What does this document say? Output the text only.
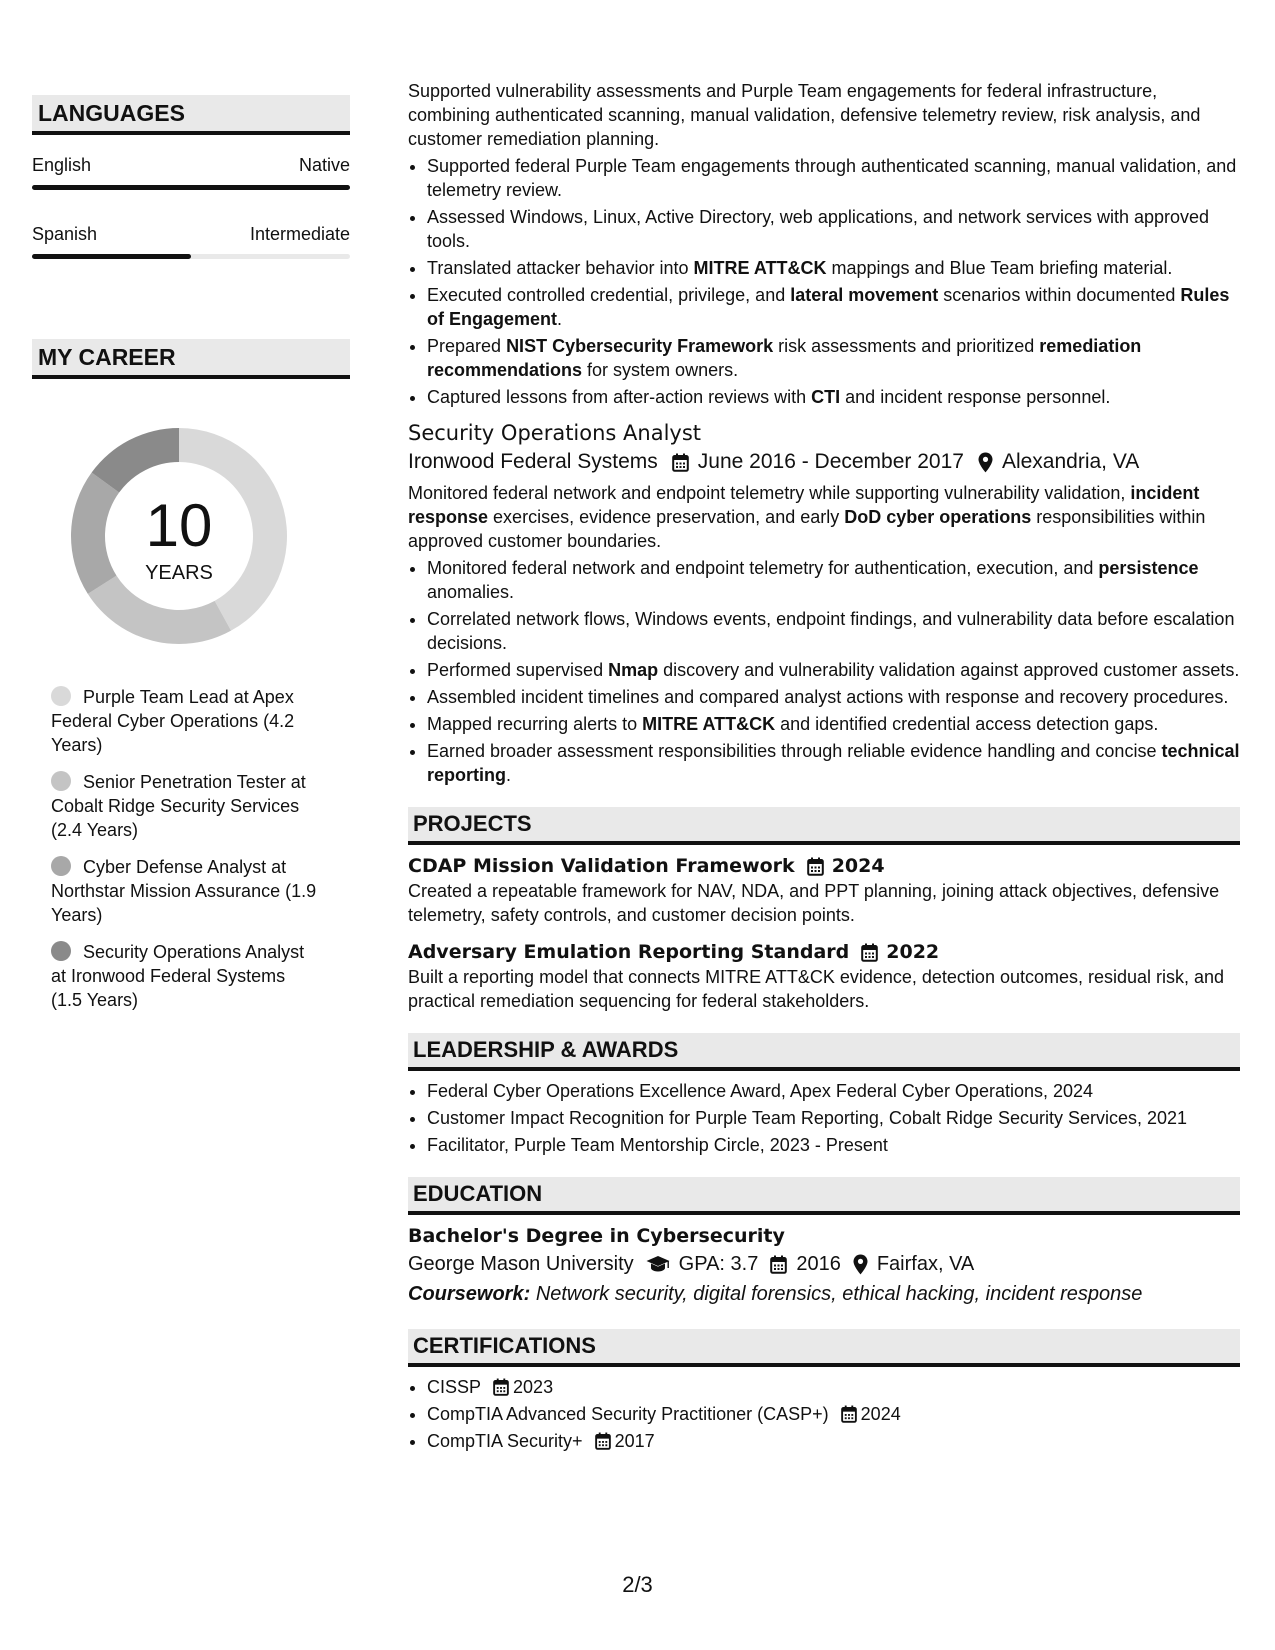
LANGUAGES
English	Native
Spanish	Intermediate
MY CAREER
10
YEARS
Purple Team Lead at Apex Federal Cyber Operations (4.2 Years)
Senior Penetration Tester at Cobalt Ridge Security Services (2.4 Years)
Cyber Defense Analyst at Northstar Mission Assurance (1.9 Years)
Security Operations Analyst at Ironwood Federal Systems (1.5 Years)

Supported vulnerability assessments and Purple Team engagements for federal infrastructure, combining authenticated scanning, manual validation, defensive telemetry review, risk analysis, and customer remediation planning.

• Supported federal Purple Team engagements through authenticated scanning, manual validation, and telemetry review.
• Assessed Windows, Linux, Active Directory, web applications, and network services with approved tools.
• Translated attacker behavior into MITRE ATT&CK mappings and Blue Team briefing material.
• Executed controlled credential, privilege, and lateral movement scenarios within documented Rules of Engagement.
• Prepared NIST Cybersecurity Framework risk assessments and prioritized remediation recommendations for system owners.
• Captured lessons from after-action reviews with CTI and incident response personnel.
Security Operations Analyst
Ironwood Federal Systems June 2016 - December 2017 Alexandria, VA

Monitored federal network and endpoint telemetry while supporting vulnerability validation, incident response exercises, evidence preservation, and early DoD cyber operations responsibilities within approved customer boundaries.

• Monitored federal network and endpoint telemetry for authentication, execution, and persistence anomalies.
• Correlated network flows, Windows events, endpoint findings, and vulnerability data before escalation decisions.
• Performed supervised Nmap discovery and vulnerability validation against approved customer assets.
• Assembled incident timelines and compared analyst actions with response and recovery procedures.
• Mapped recurring alerts to MITRE ATT&CK and identified credential access detection gaps.
• Earned broader assessment responsibilities through reliable evidence handling and concise technical reporting.
PROJECTS
CDAP Mission Validation Framework 2024

Created a repeatable framework for NAV, NDA, and PPT planning, joining attack objectives, defensive telemetry, safety controls, and customer decision points.

Adversary Emulation Reporting Standard 2022

Built a reporting model that connects MITRE ATT&CK evidence, detection outcomes, residual risk, and practical remediation sequencing for federal stakeholders.

LEADERSHIP & AWARDS
• Federal Cyber Operations Excellence Award, Apex Federal Cyber Operations, 2024
• Customer Impact Recognition for Purple Team Reporting, Cobalt Ridge Security Services, 2021
• Facilitator, Purple Team Mentorship Circle, 2023 - Present
EDUCATION
Bachelor's Degree in Cybersecurity
George Mason University GPA: 3.7 2016 Fairfax, VA
Coursework: Network security, digital forensics, ethical hacking, incident response
CERTIFICATIONS
• CISSP 2023
• CompTIA Advanced Security Practitioner (CASP+) 2024
• CompTIA Security+ 2017
2/3
